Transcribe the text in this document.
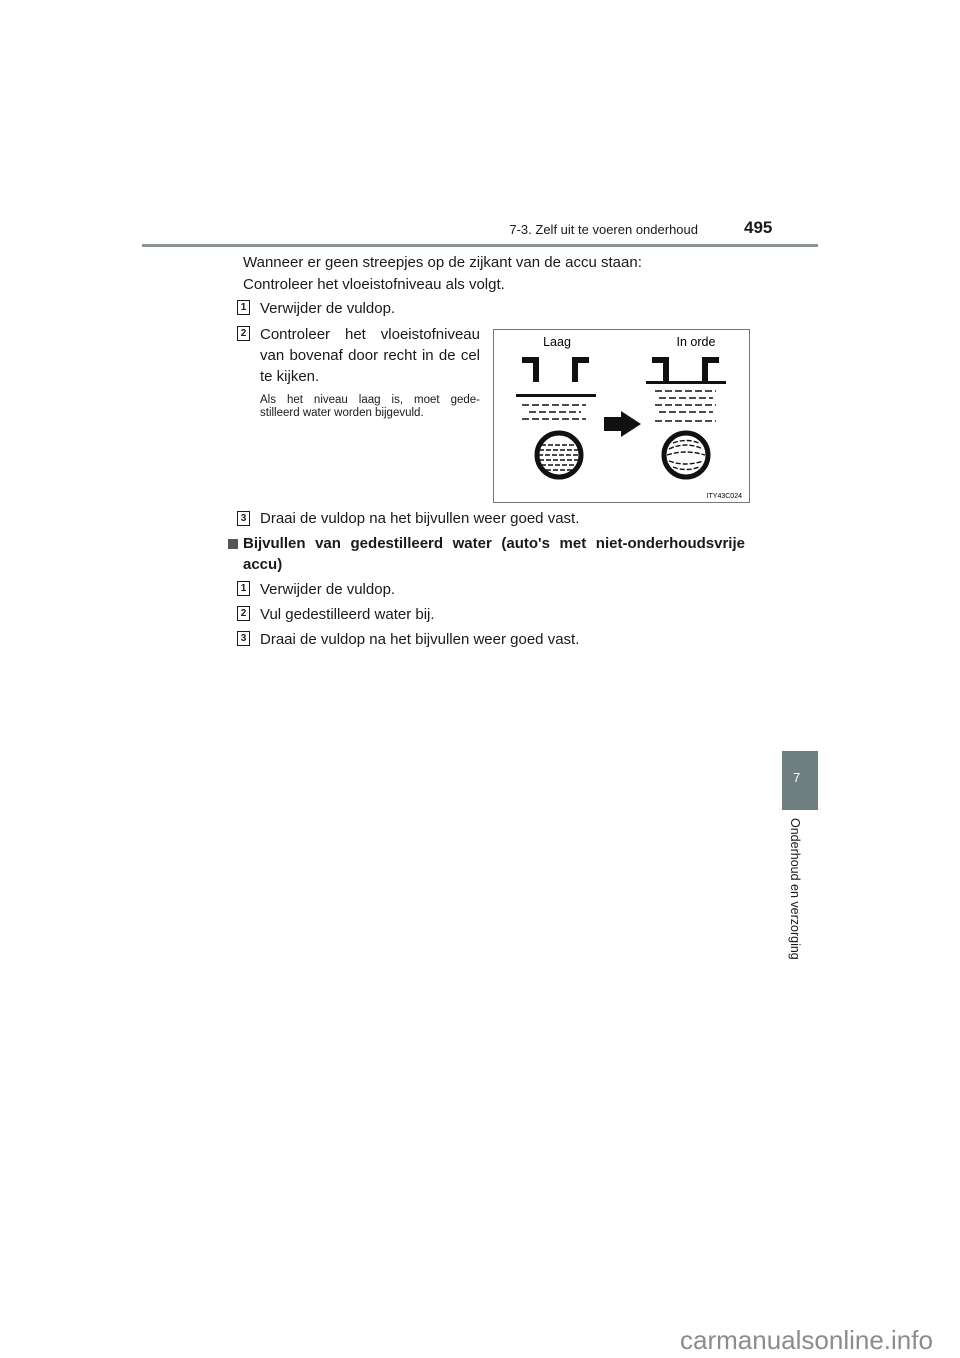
7-3. Zelf uit te voeren onderhoud	495
Wanneer er geen streepjes op de zijkant van de accu staan:
Controleer het vloeistofniveau als volgt.
1 Verwijder de vuldop.
2 Controleer het vloeistofniveau
van bovenaf door recht in de cel
te kijken.
Als het niveau laag is, moet gede-
stilleerd water worden bijgevuld.
Laag	In orde
ITY43C024
3 Draai de vuldop na het bijvullen weer goed vast.
Bijvullen van gedestilleerd water (auto's met niet-onderhoudsvrije
accu)
1 Verwijder de vuldop.
2 Vul gedestilleerd water bij.
3 Draai de vuldop na het bijvullen weer goed vast.
7
Onderhoud en verzorging
carmanualsonline.info
